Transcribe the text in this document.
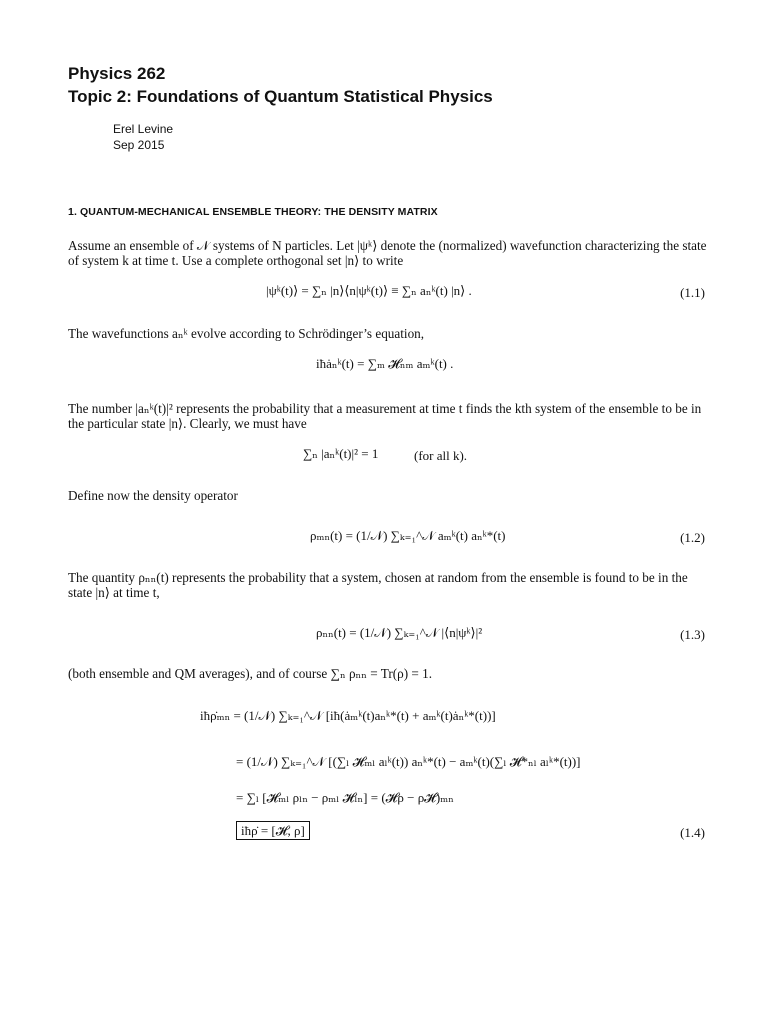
Physics 262
Topic 2: Foundations of Quantum Statistical Physics
Erel Levine
Sep 2015
1. QUANTUM-MECHANICAL ENSEMBLE THEORY: THE DENSITY MATRIX
Assume an ensemble of 𝒩 systems of N particles. Let |ψᵏ⟩ denote the (normalized) wavefunction characterizing the state of system k at time t. Use a complete orthogonal set |n⟩ to write
|ψᵏ(t)⟩ = ∑ₙ |n⟩⟨n|ψᵏ(t)⟩ ≡ ∑ₙ aₙᵏ(t) |n⟩ .	(1.1)
The wavefunctions aₙᵏ evolve according to Schrödinger’s equation,
iħȧₙᵏ(t) = ∑ₘ 𝓗ₙₘ aₘᵏ(t) .
The number |aₙᵏ(t)|² represents the probability that a measurement at time t finds the kth system of the ensemble to be in the particular state |n⟩. Clearly, we must have
∑ₙ |aₙᵏ(t)|² = 1	(for all k).
Define now the density operator
ρₘₙ(t) = (1/𝒩) ∑ₖ₌₁^𝒩 aₘᵏ(t) aₙᵏ*(t)	(1.2)
The quantity ρₙₙ(t) represents the probability that a system, chosen at random from the ensemble is found to be in the state |n⟩ at time t,
ρₙₙ(t) = (1/𝒩) ∑ₖ₌₁^𝒩 |⟨n|ψᵏ⟩|²	(1.3)
(both ensemble and QM averages), and of course ∑ₙ ρₙₙ = Tr(ρ) = 1.
iħρ̇ₘₙ = (1/𝒩) ∑ₖ₌₁^𝒩 [iħ(ȧₘᵏ(t)aₙᵏ*(t) + aₘᵏ(t)ȧₙᵏ*(t))]
= (1/𝒩) ∑ₖ₌₁^𝒩 [(∑ₗ 𝓗ₘₗ aₗᵏ(t)) aₙᵏ*(t) − aₘᵏ(t)(∑ₗ 𝓗*ₙₗ aₗᵏ*(t))]
= ∑ₗ [𝓗ₘₗ ρₗₙ − ρₘₗ 𝓗ₗₙ] = (𝓗ρ − ρ𝓗)ₘₙ
iħρ̇ = [𝓗, ρ]	(1.4)
